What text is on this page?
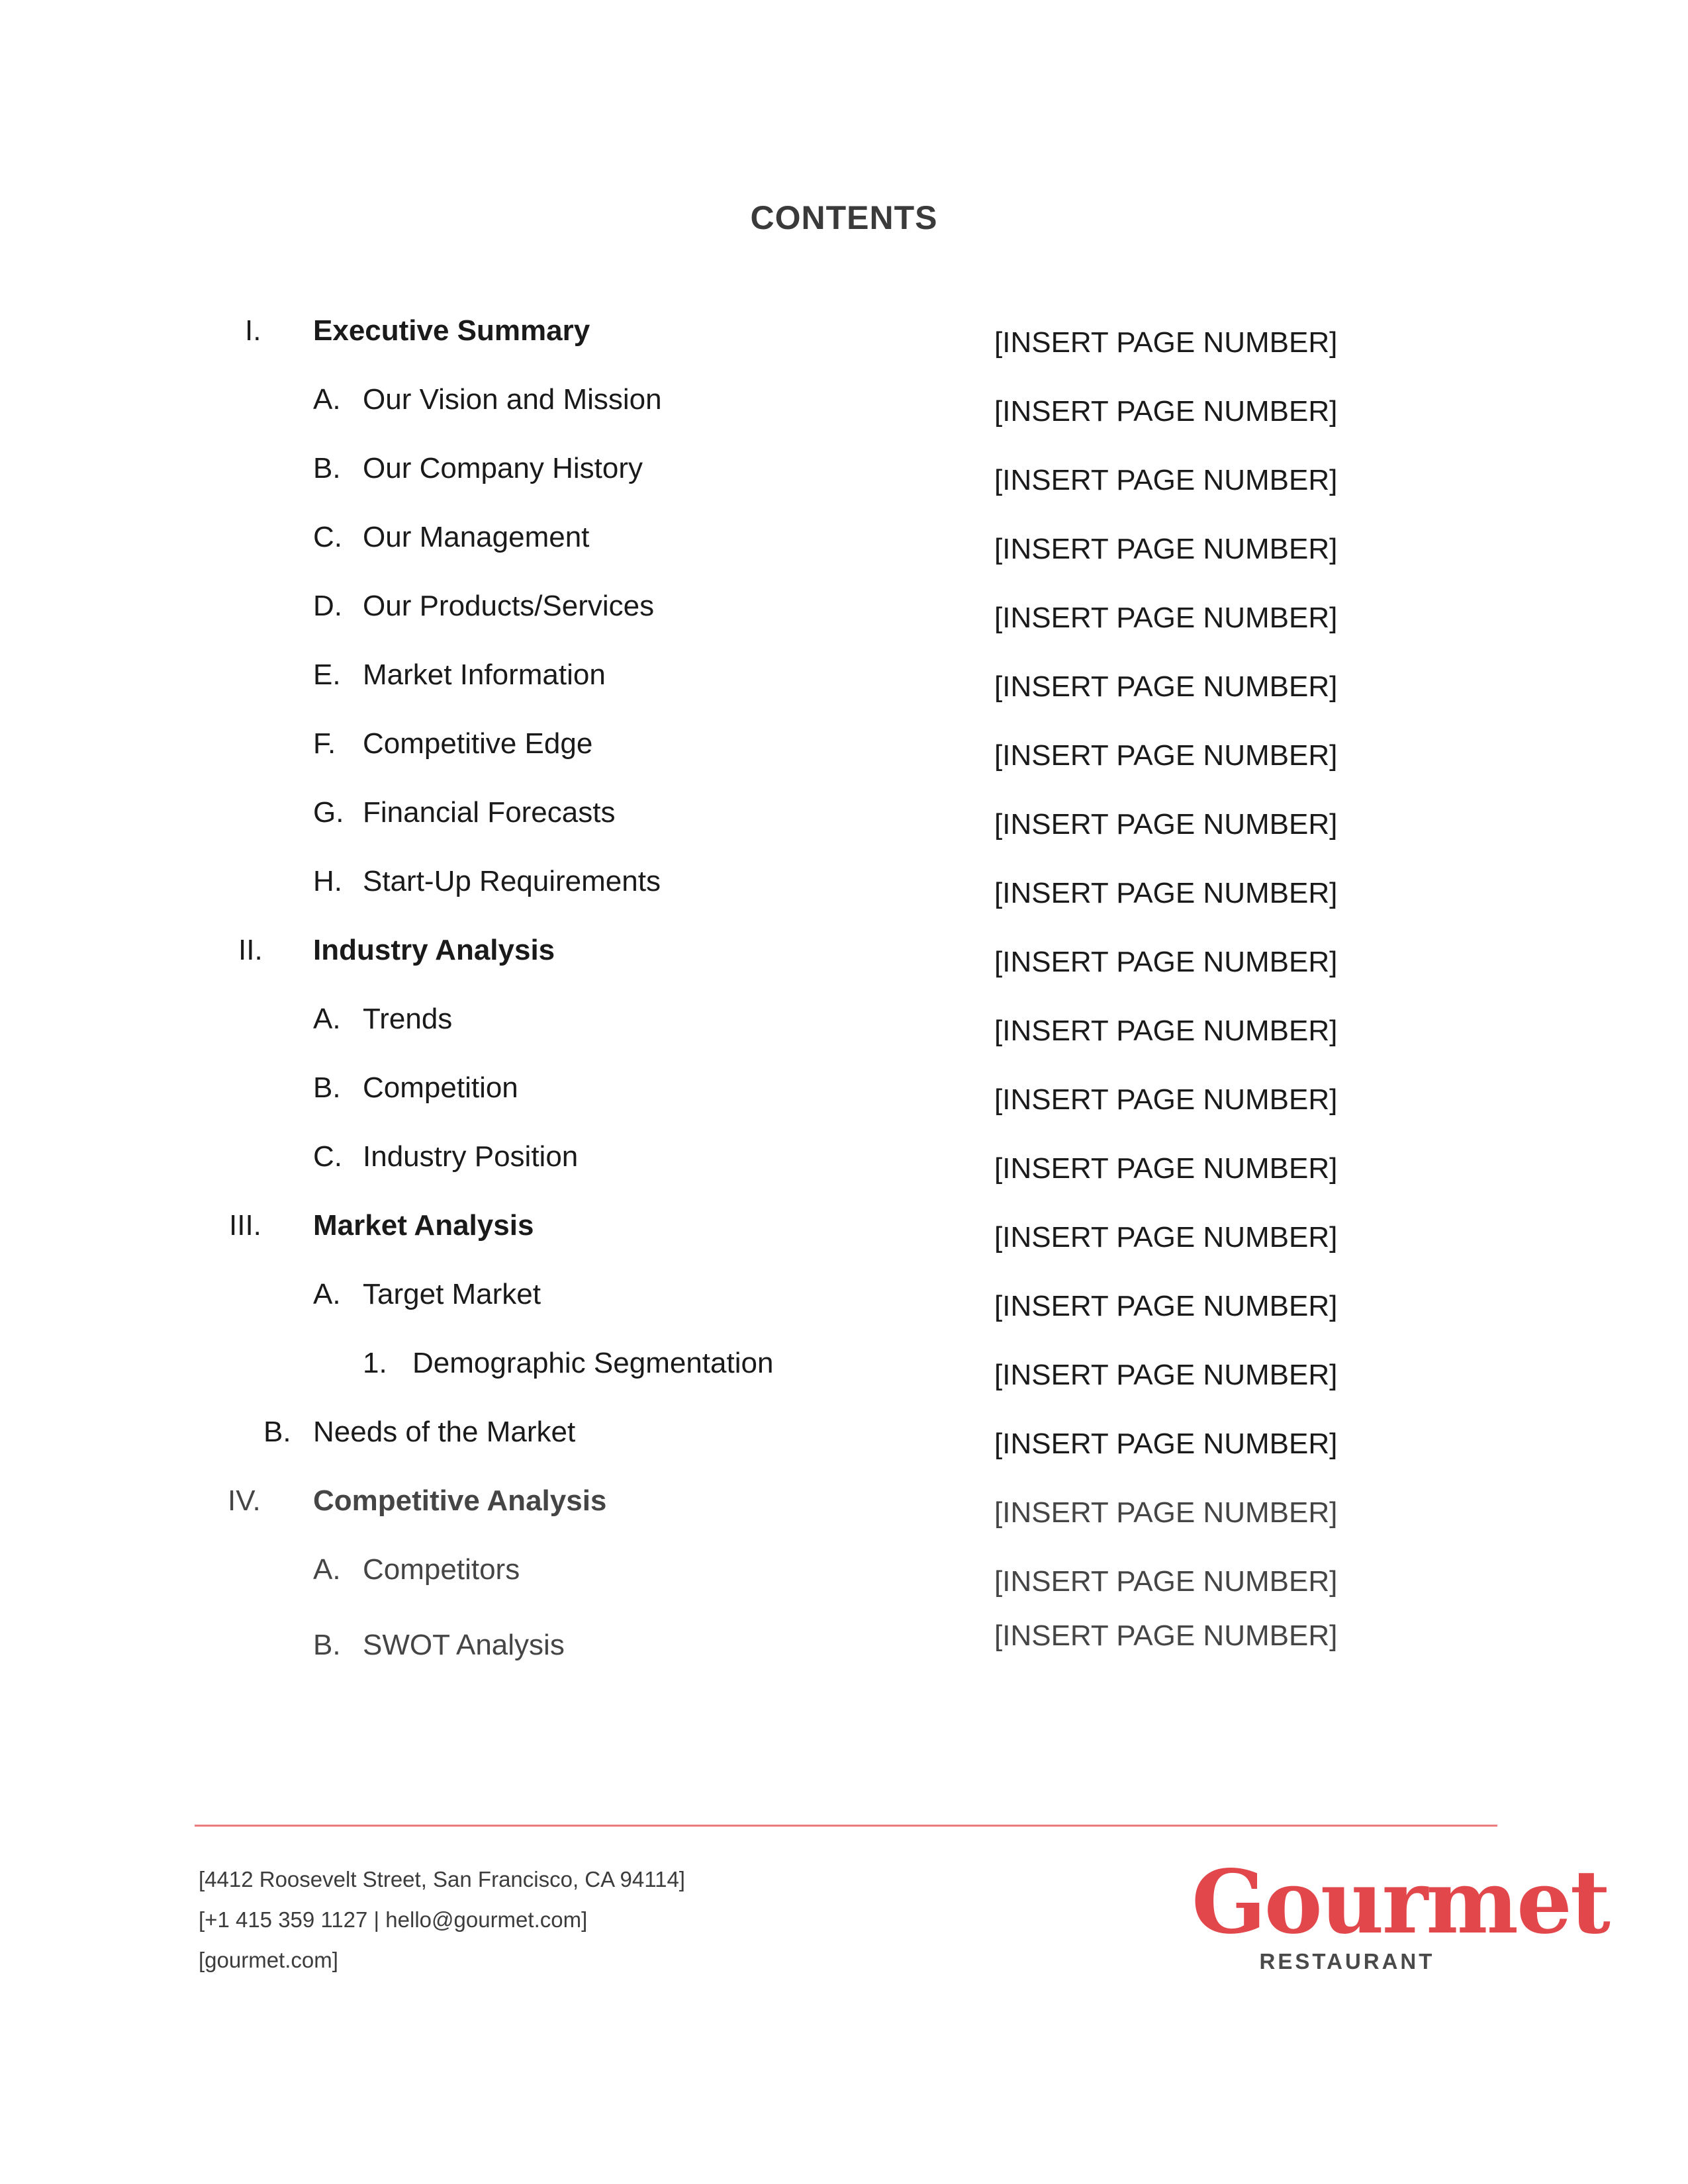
CONTENTS
I. Executive Summary	[INSERT PAGE NUMBER]
A. Our Vision and Mission	[INSERT PAGE NUMBER]
B. Our Company History	[INSERT PAGE NUMBER]
C. Our Management	[INSERT PAGE NUMBER]
D. Our Products/Services	[INSERT PAGE NUMBER]
E. Market Information	[INSERT PAGE NUMBER]
F. Competitive Edge	[INSERT PAGE NUMBER]
G. Financial Forecasts	[INSERT PAGE NUMBER]
H. Start-Up Requirements	[INSERT PAGE NUMBER]
II. Industry Analysis	[INSERT PAGE NUMBER]
A. Trends	[INSERT PAGE NUMBER]
B. Competition	[INSERT PAGE NUMBER]
C. Industry Position	[INSERT PAGE NUMBER]
III. Market Analysis	[INSERT PAGE NUMBER]
A. Target Market	[INSERT PAGE NUMBER]
1. Demographic Segmentation	[INSERT PAGE NUMBER]
B. Needs of the Market	[INSERT PAGE NUMBER]
IV. Competitive Analysis	[INSERT PAGE NUMBER]
A. Competitors	[INSERT PAGE NUMBER]
B. SWOT Analysis	[INSERT PAGE NUMBER]
[4412 Roosevelt Street, San Francisco, CA 94114]
[+1 415 359 1127 | hello@gourmet.com]
[gourmet.com]
Gourmet
RESTAURANT
